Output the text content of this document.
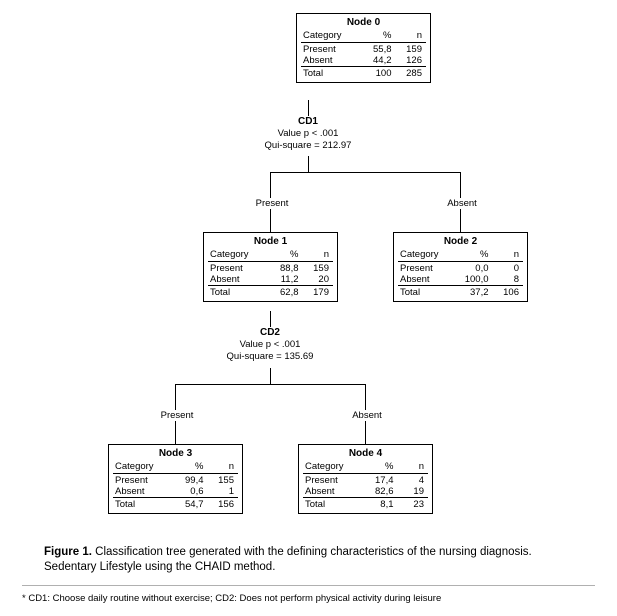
Node 0
Category	%	n
Present	55,8	159
Absent	44,2	126
Total	100	285
CD1
Value p < .001
Qui-square = 212.97
Present	Absent
Node 1
Category	%	n
Present	88,8	159
Absent	11,2	20
Total	62,8	179
Node 2
Category	%	n
Present	0,0	0
Absent	100,0	8
Total	37,2	106
CD2
Value p < .001
Qui-square = 135.69
Present	Absent
Node 3
Category	%	n
Present	99,4	155
Absent	0,6	1
Total	54,7	156
Node 4
Category	%	n
Present	17,4	4
Absent	82,6	19
Total	8,1	23
Figure 1. Classification tree generated with the defining characteristics of the nursing diagnosis. Sedentary Lifestyle using the CHAID method.
* CD1: Choose daily routine without exercise; CD2: Does not perform physical activity during leisure
